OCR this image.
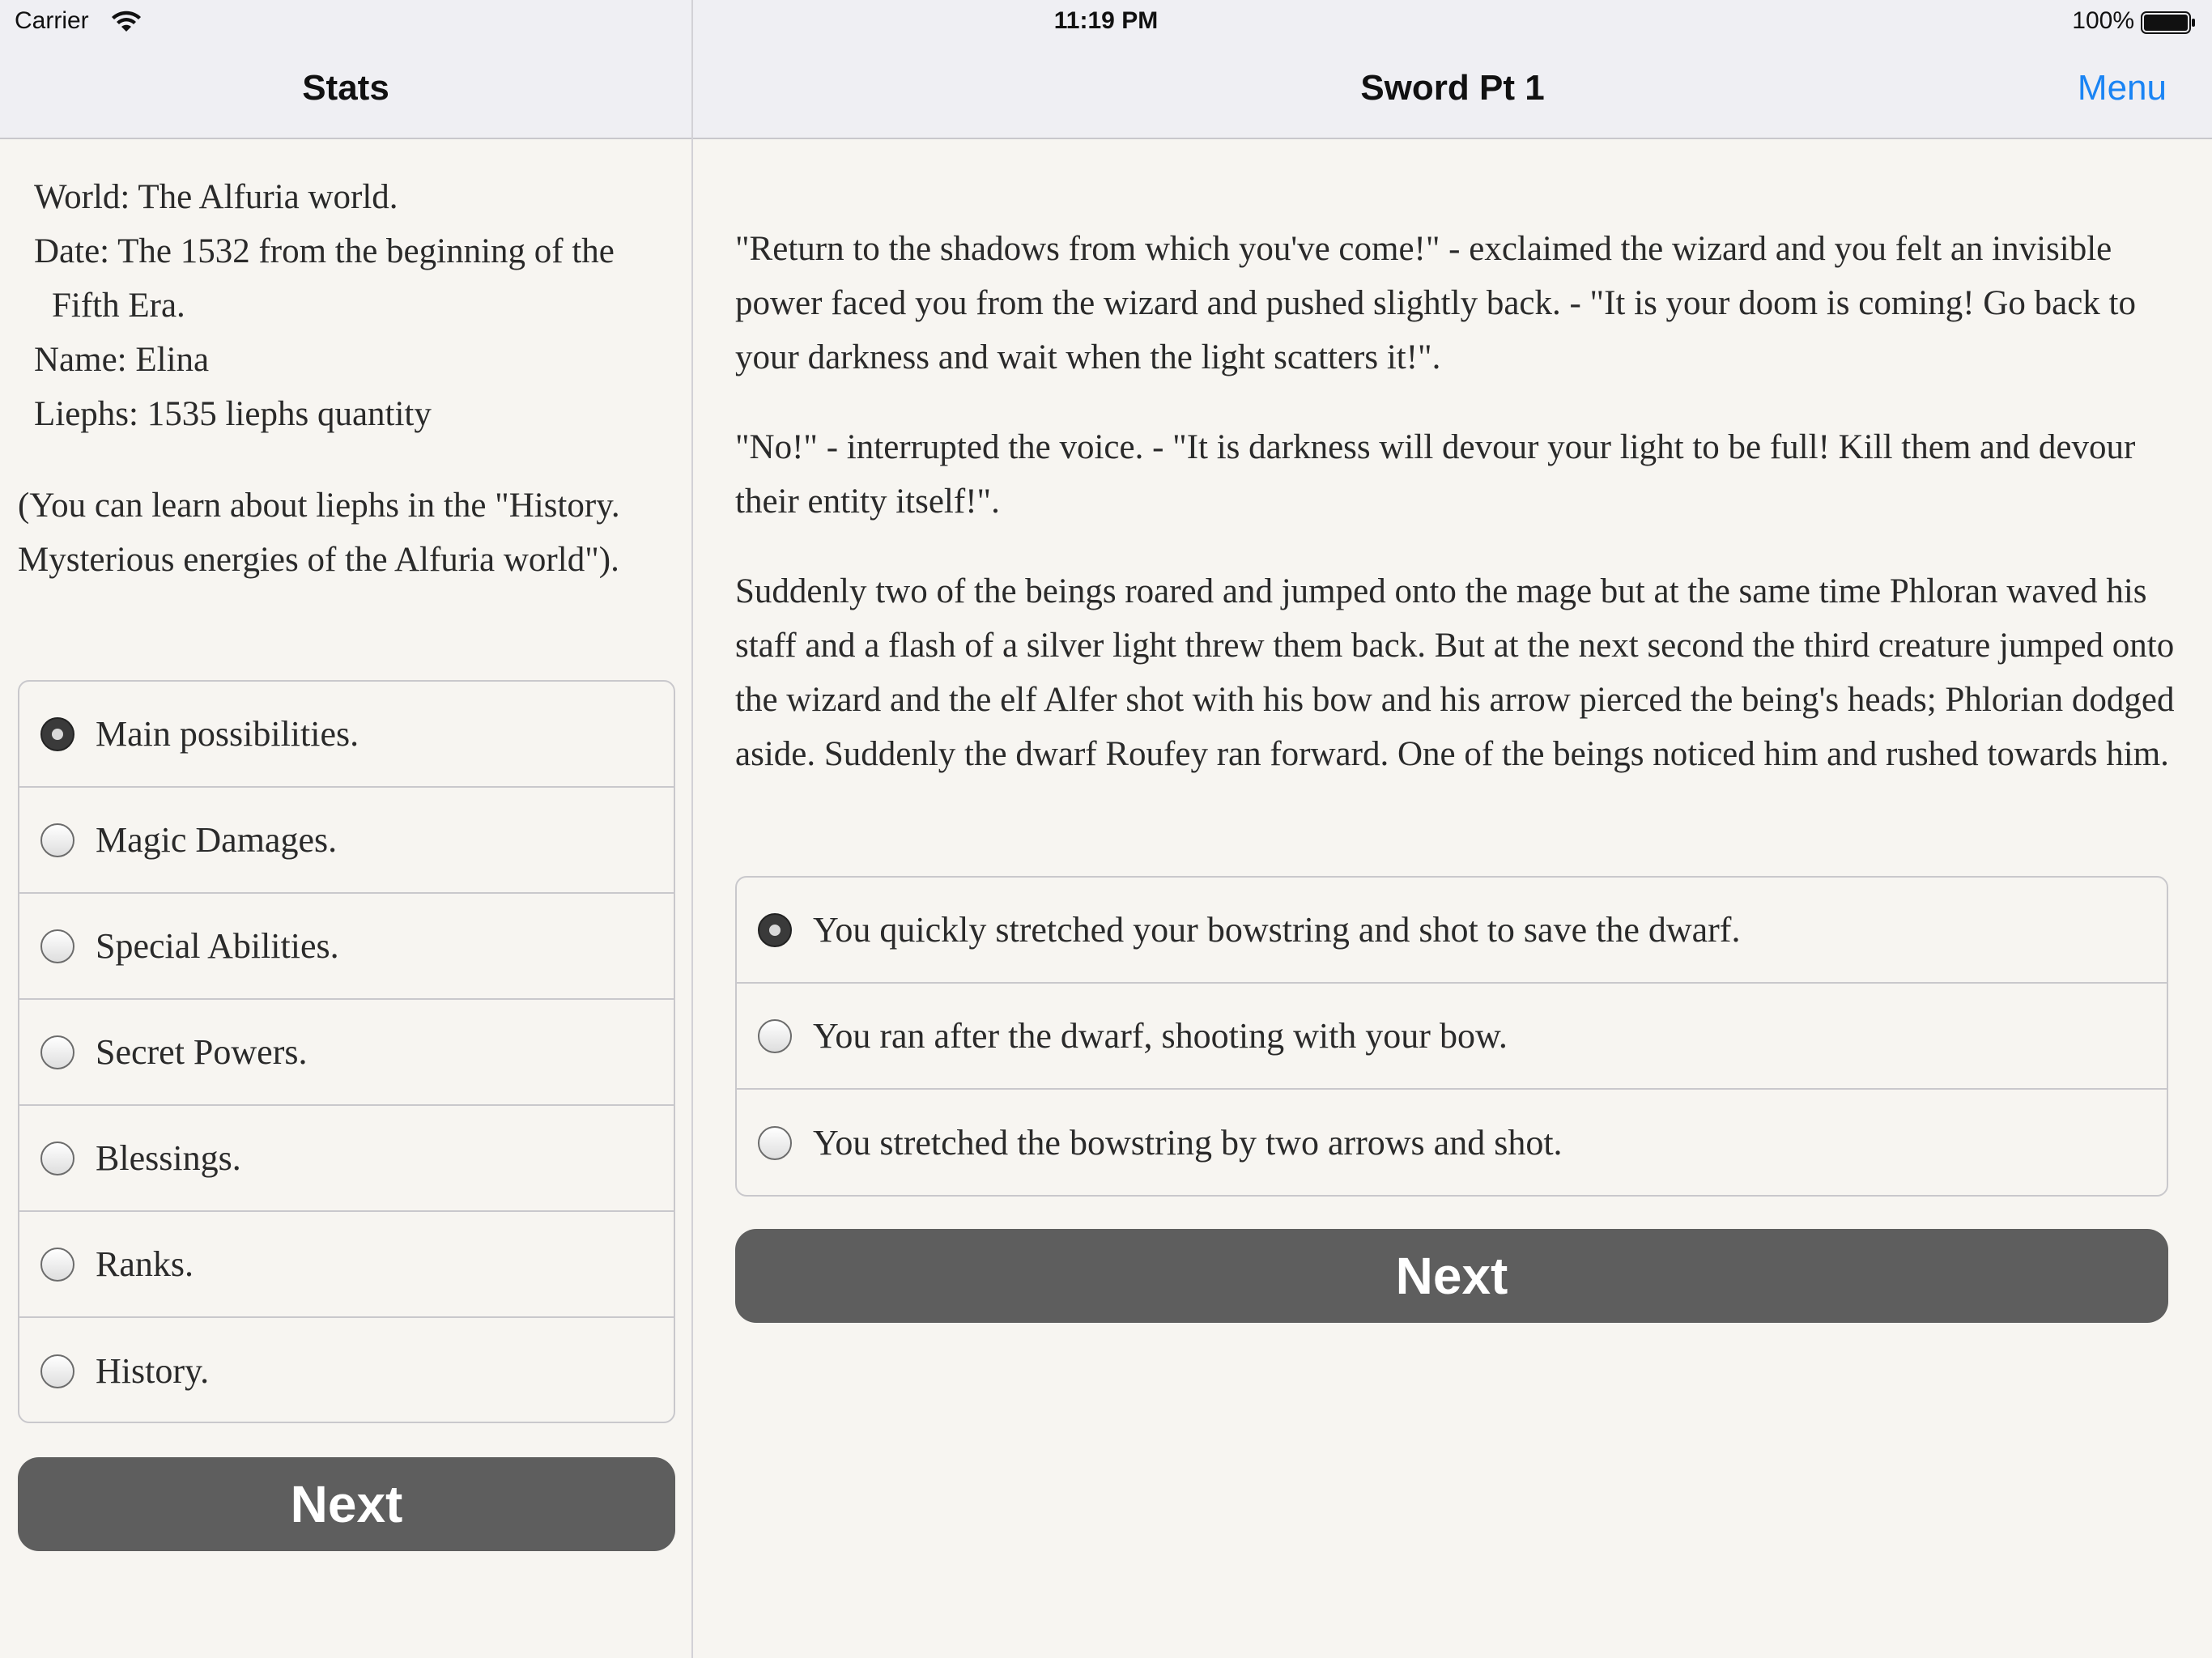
Carrier	11:19 PM	100%
Stats	Sword Pt 1	Menu
World: The Alfuria world.
Date: The 1532 from the beginning of the Fifth Era.
Name: Elina
Liephs: 1535 liephs quantity
(You can learn about liephs in the "History. Mysterious energies of the Alfuria world").
Main possibilities.
Magic Damages.
Special Abilities.
Secret Powers.
Blessings.
Ranks.
History.
Next

"Return to the shadows from which you've come!" - exclaimed the wizard and you felt an invisible power faced you from the wizard and pushed slightly back. - "It is your doom is coming! Go back to your darkness and wait when the light scatters it!".

"No!" - interrupted the voice. - "It is darkness will devour your light to be full! Kill them and devour their entity itself!".

Suddenly two of the beings roared and jumped onto the mage but at the same time Phloran waved his staff and a flash of a silver light threw them back. But at the next second the third creature jumped onto the wizard and the elf Alfer shot with his bow and his arrow pierced the being's heads; Phlorian dodged aside. Suddenly the dwarf Roufey ran forward. One of the beings noticed him and rushed towards him.

You quickly stretched your bowstring and shot to save the dwarf.
You ran after the dwarf, shooting with your bow.
You stretched the bowstring by two arrows and shot.
Next
